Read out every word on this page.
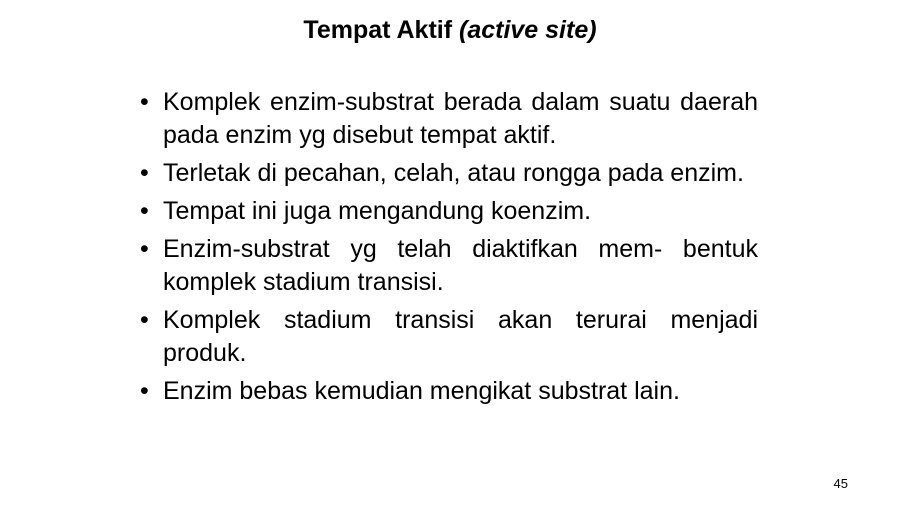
Tempat Aktif (active site)
• Komplek enzim-substrat berada dalam suatu daerah pada enzim yg disebut tempat aktif.
• Terletak di pecahan, celah, atau rongga pada enzim.
• Tempat ini juga mengandung koenzim.
• Enzim-substrat yg telah diaktifkan mem- bentuk komplek stadium transisi.
• Komplek stadium transisi akan terurai menjadi produk.
• Enzim bebas kemudian mengikat substrat lain.
45
